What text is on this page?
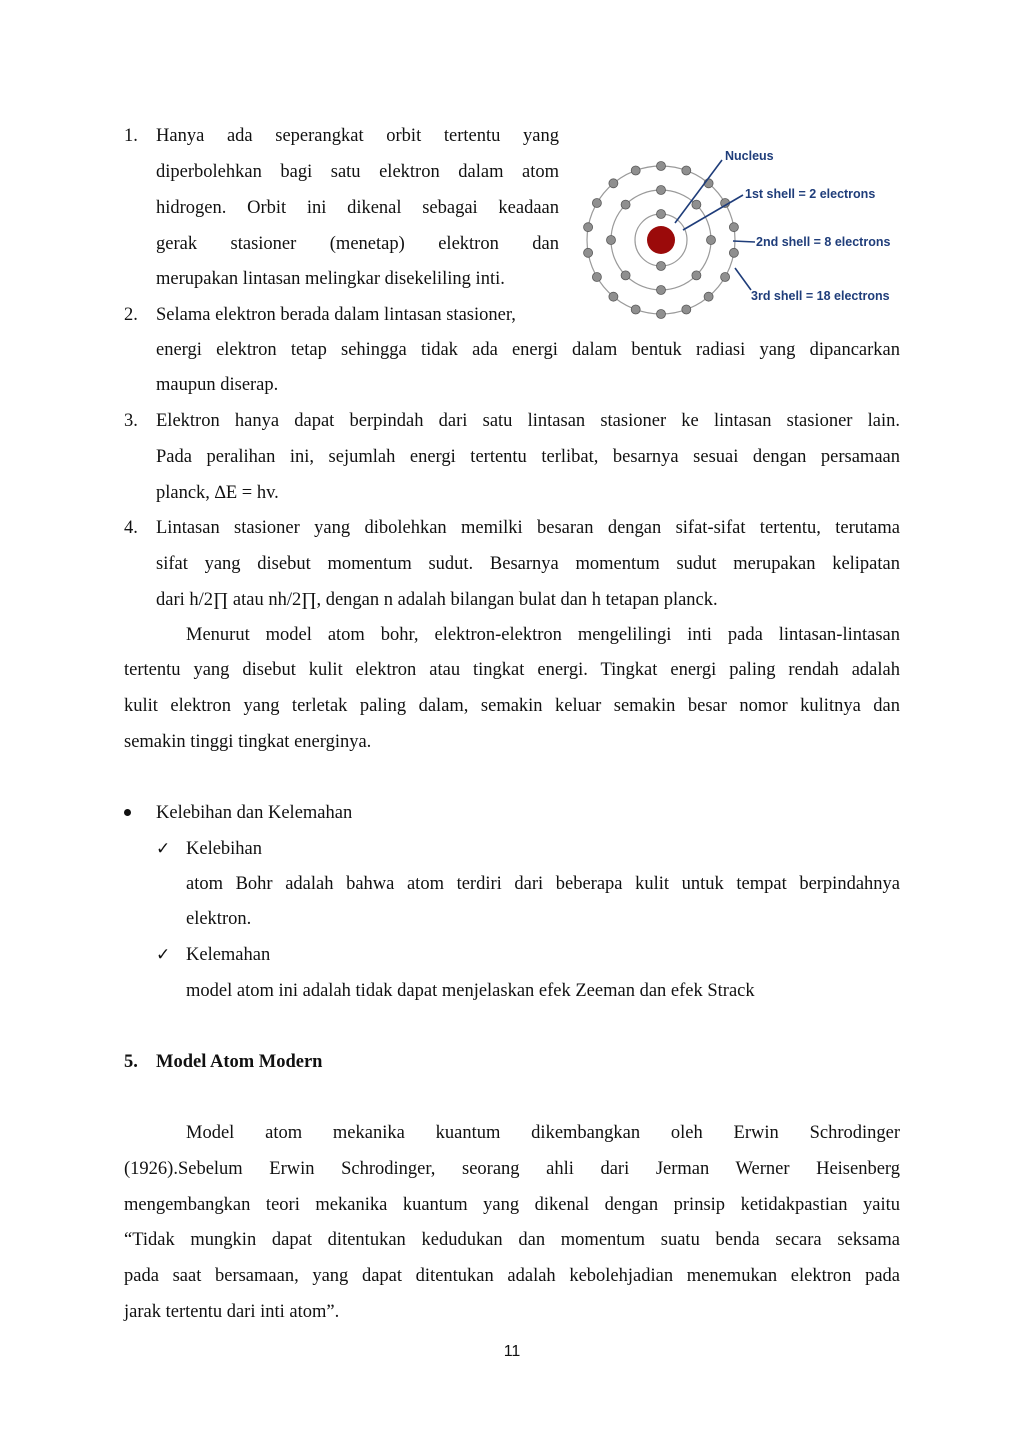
1. Hanya ada seperangkat orbit tertentu yang
diperbolehkan bagi satu elektron dalam atom
hidrogen. Orbit ini dikenal sebagai keadaan
gerak stasioner (menetap) elektron dan
merupakan lintasan melingkar disekeliling inti.
2. Selama elektron berada dalam lintasan stasioner,
energi elektron tetap sehingga tidak ada energi dalam bentuk radiasi yang dipancarkan
maupun diserap.
3. Elektron hanya dapat berpindah dari satu lintasan stasioner ke lintasan stasioner lain.
Pada peralihan ini, sejumlah energi tertentu terlibat, besarnya sesuai dengan persamaan
planck, ∆E = hv.
4. Lintasan stasioner yang dibolehkan memilki besaran dengan sifat-sifat tertentu, terutama
sifat yang disebut momentum sudut. Besarnya momentum sudut merupakan kelipatan
dari h/2∏ atau nh/2∏, dengan n adalah bilangan bulat dan h tetapan planck.
Menurut model atom bohr, elektron-elektron mengelilingi inti pada lintasan-lintasan
tertentu yang disebut kulit elektron atau tingkat energi. Tingkat energi paling rendah adalah
kulit elektron yang terletak paling dalam, semakin keluar semakin besar nomor kulitnya dan
semakin tinggi tingkat energinya.
Nucleus
1st shell = 2 electrons
2nd shell = 8 electrons
3rd shell = 18 electrons
Kelebihan dan Kelemahan
✓ Kelebihan
atom Bohr adalah bahwa atom terdiri dari beberapa kulit untuk tempat berpindahnya
elektron.
✓ Kelemahan
model atom ini adalah tidak dapat menjelaskan efek Zeeman dan efek Strack
5. Model Atom Modern
Model atom mekanika kuantum dikembangkan oleh Erwin Schrodinger
(1926).Sebelum Erwin Schrodinger, seorang ahli dari Jerman Werner Heisenberg
mengembangkan teori mekanika kuantum yang dikenal dengan prinsip ketidakpastian yaitu
“Tidak mungkin dapat ditentukan kedudukan dan momentum suatu benda secara seksama
pada saat bersamaan, yang dapat ditentukan adalah kebolehjadian menemukan elektron pada
jarak tertentu dari inti atom”.
11
